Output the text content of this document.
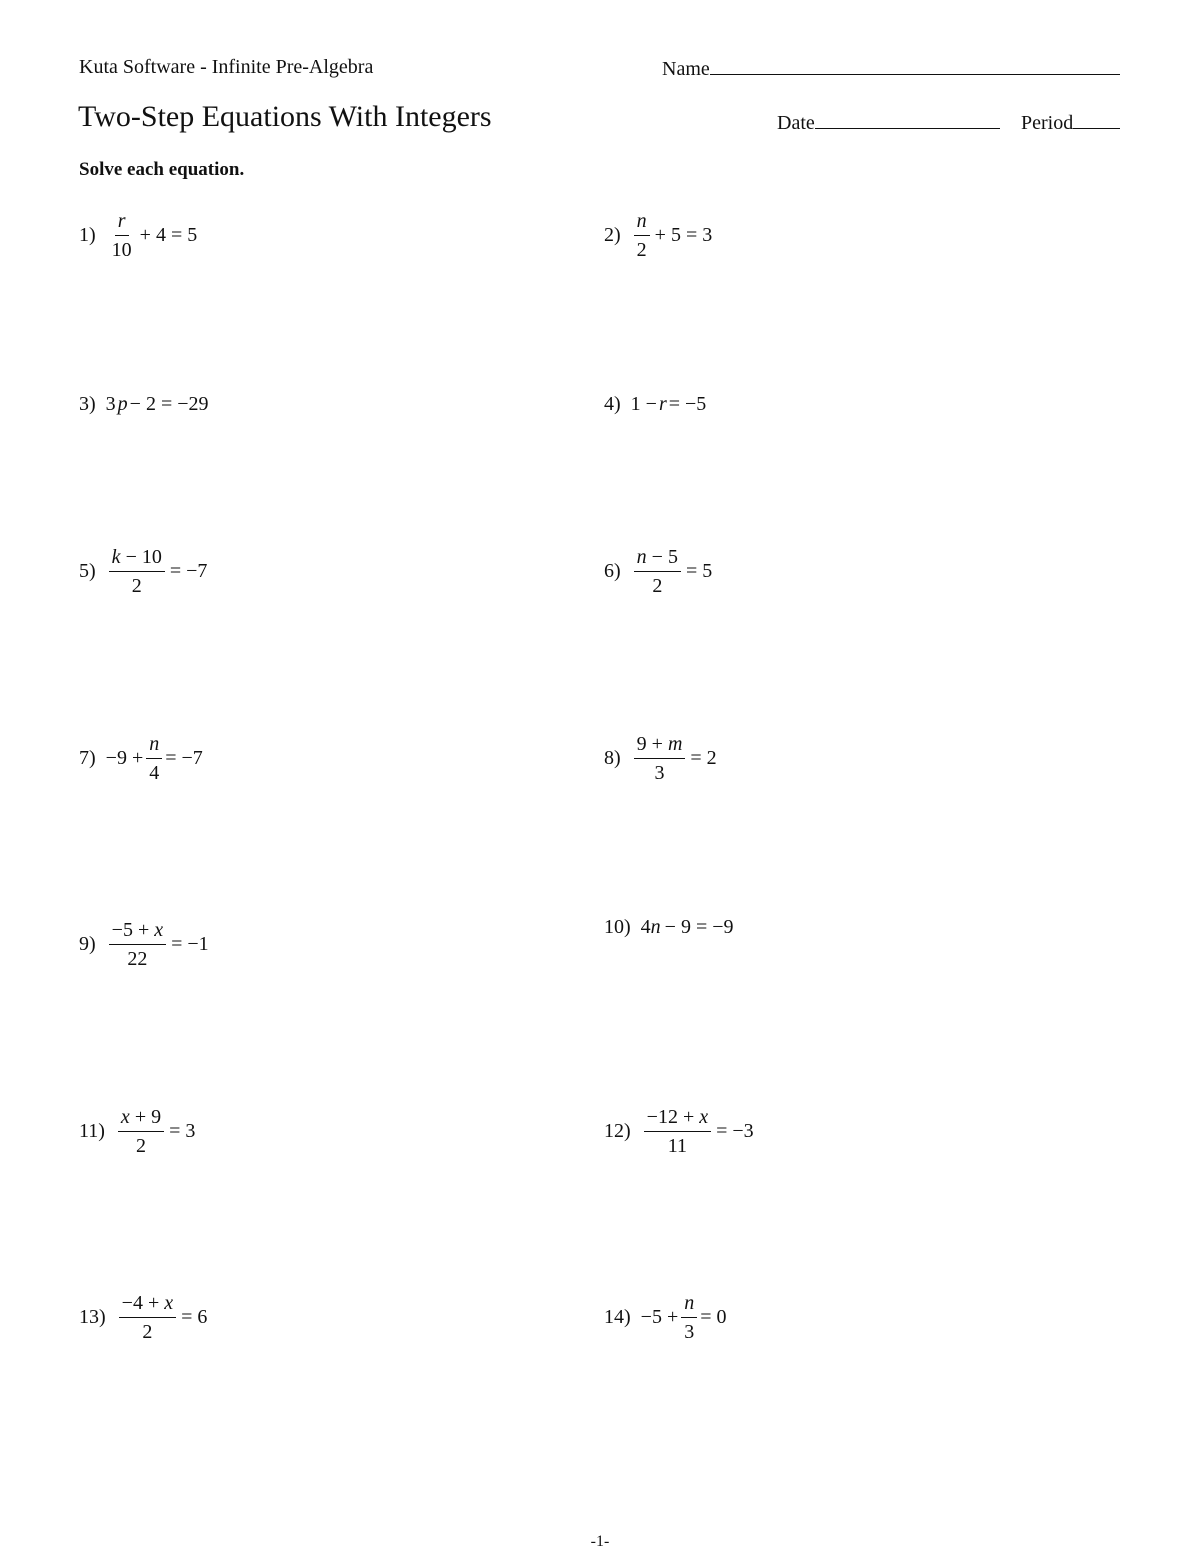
Kuta Software - Infinite Pre-Algebra	Name
Two-Step Equations With Integers	Date	Period
Solve each equation.
$1) \frac{r}{10} + 4 = 5$	$2) \frac{n}{2} + 5 = 3$
3) 3 p − 2 = −29	4) 1 − r = −5
$5) \frac{k - 10}{2} = -7$	$6) \frac{n - 5}{2} = 5$
$7) -9 + \frac{n}{4} = -7$	$8) \frac{9 + m}{3} = 2$
$9) \frac{-5 + x}{22} = -1$
10) 4 n − 9 = −9
$11) \frac{x + 9}{2} = 3$	$12) \frac{-12 + x}{11} = -3$
$13) \frac{-4 + x}{2} = 6$	$14) -5 + \frac{n}{3} = 0$
-1-
